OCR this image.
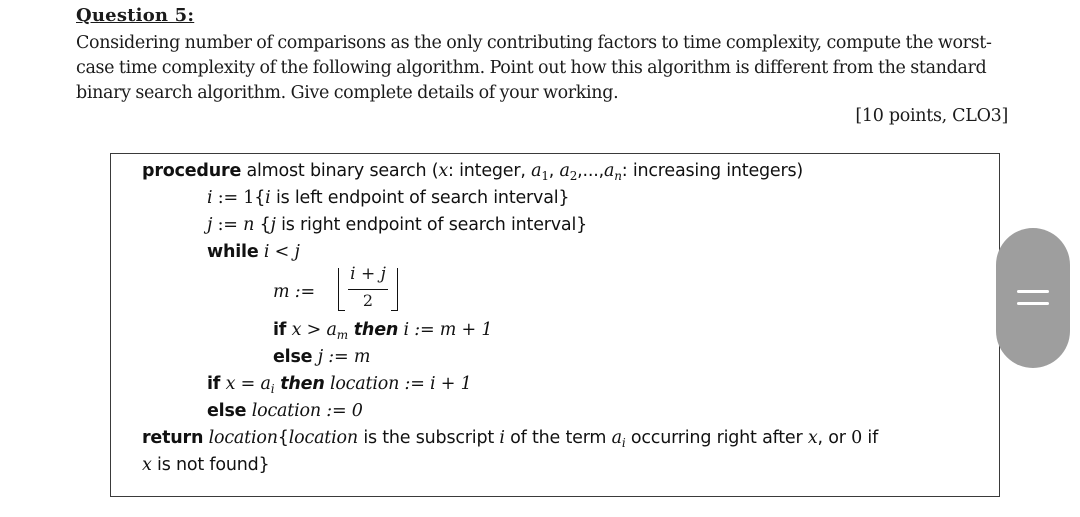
Question 5:
Considering number of comparisons as the only contributing factors to time complexity, compute the worst-case time complexity of the following algorithm. Point out how this algorithm is different from the standard binary search algorithm. Give complete details of your working.
[10 points, CLO3]
procedure almost binary search (x: integer, $a_1$, $a_2,...,a_n$: increasing integers)
i := 1{i is left endpoint of search interval}
j := n {j is right endpoint of search interval}
while i < j
m :=
i + j
2
if $x > a_m$ then i := m + 1
else j := m
if $x = a_i$ then location := i + 1
else location := 0
return location{location is the subscript i of the term $a_i$ occurring right after x, or 0 if
x is not found}
